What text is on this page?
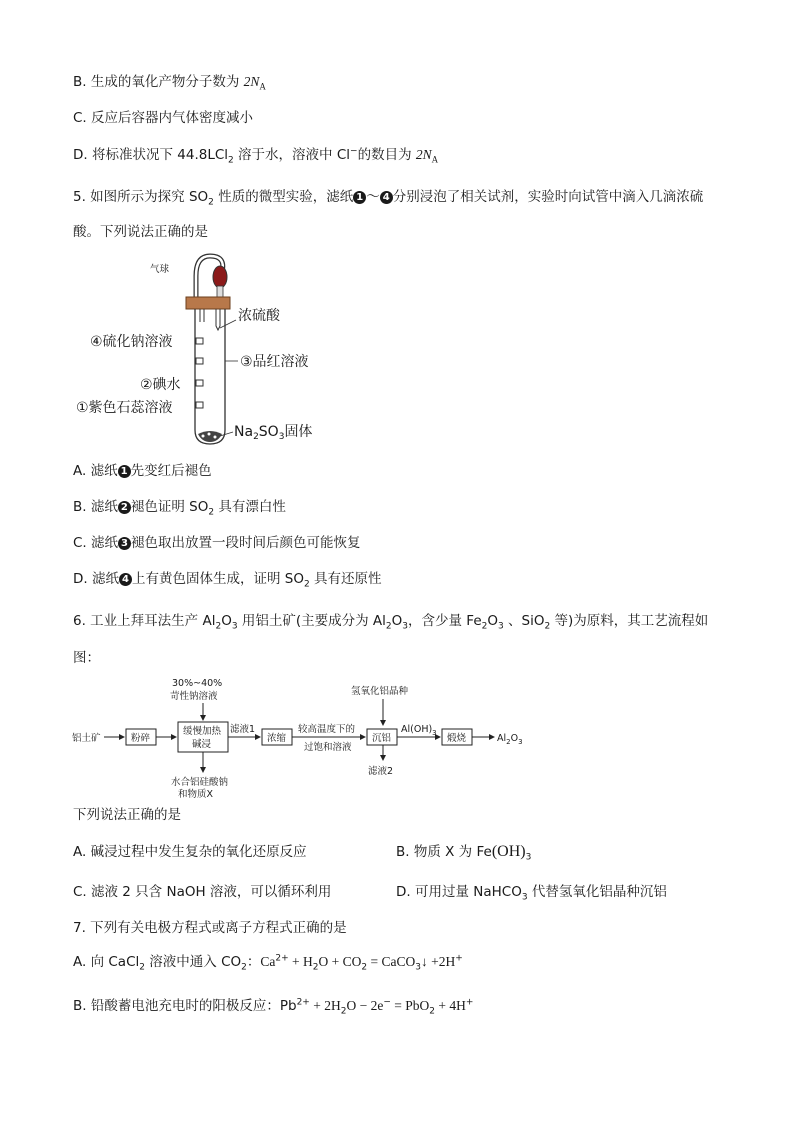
B. 生成的氧化产物分子数为 $2N_A$
C. 反应后容器内气体密度减小
D. 将标准状况下 44.8LCl$_2$ 溶于水，溶液中 Cl−的数目为 $2N_A$
5. 如图所示为探究 $SO_2$ 性质的微型实验，滤纸 1 ～ 4 分别浸泡了相关试剂，实验时向试管中滴入几滴浓硫
酸。下列说法正确的是
气球
浓硫酸
③品红溶液
④硫化钠溶液
②碘水
①紫色石蕊溶液
$Na_2SO_3$固体
A. 滤纸 1 先变红后褪色
B. 滤纸 2 褪色证明 $SO_2$ 具有漂白性
C. 滤纸 3 褪色取出放置一段时间后颜色可能恢复
D. 滤纸 4 上有黄色固体生成，证明 $SO_2$ 具有还原性
6. 工业上拜耳法生产 $Al_2O_3$ 用铝土矿(主要成分为 $Al_2O_3$，含少量 $Fe_2O_3$ 、SiO$_2$ 等)为原料，其工艺流程如
图：
30%~40%
苛性钠溶液	氢氧化铝晶种
铝土矿	粉碎
缓慢加热
碱浸
滤液1
水合铝硅酸钠
和物质X
浓缩
较高温度下的
过饱和溶液
沉铝
滤液2
$Al(OH)_3$ 煅烧	$Al_2O_3$
下列说法正确的是
A. 碱浸过程中发生复杂的氧化还原反应	B. 物质 X 为 $Fe(OH)_3$
C. 滤液 2 只含 NaOH 溶液，可以循环利用	D. 可用过量 NaHCO$_3$ 代替氢氧化铝晶种沉铝
7. 下列有关电极方程式或离子方程式正确的是
A. 向 CaCl$_2$ 溶液中通入 $CO_2$：$Ca^{2+} + H_2O + CO_2$ = CaCO$_3$↓ +2H+
B. 铅酸蓄电池充电时的阳极反应：$Pb^{2+} + 2H_2O - 2e^- = PbO_2 + 4H^+$
